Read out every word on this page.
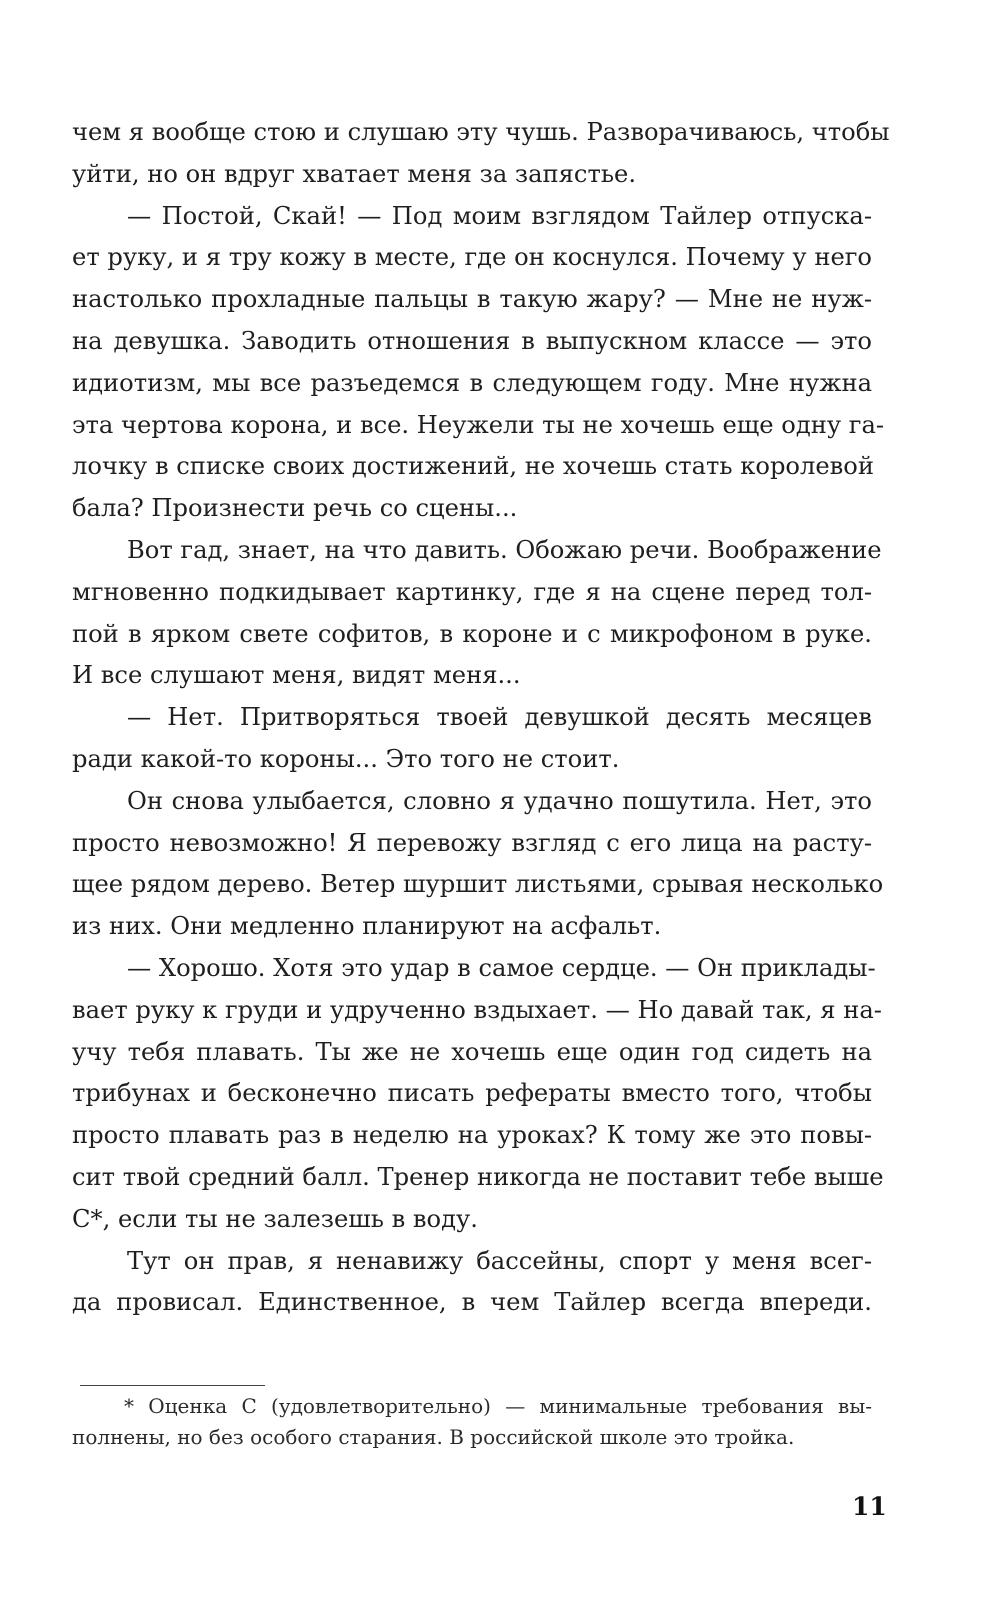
чем я вообще стою и слушаю эту чушь. Разворачиваюсь, чтобы
уйти, но он вдруг хватает меня за запястье.
— Постой, Скай! — Под моим взглядом Тайлер отпуска-
ет руку, и я тру кожу в месте, где он коснулся. Почему у него
настолько прохладные пальцы в такую жару? — Мне не нуж-
на девушка. Заводить отношения в выпускном классе — это
идиотизм, мы все разъедемся в следующем году. Мне нужна
эта чертова корона, и все. Неужели ты не хочешь еще одну га-
лочку в списке своих достижений, не хочешь стать королевой
бала? Произнести речь со сцены...
Вот гад, знает, на что давить. Обожаю речи. Воображение
мгновенно подкидывает картинку, где я на сцене перед тол-
пой в ярком свете софитов, в короне и с микрофоном в руке.
И все слушают меня, видят меня...
— Нет. Притворяться твоей девушкой десять месяцев
ради какой-то короны... Это того не стоит.
Он снова улыбается, словно я удачно пошутила. Нет, это
просто невозможно! Я перевожу взгляд с его лица на расту-
щее рядом дерево. Ветер шуршит листьями, срывая несколько
из них. Они медленно планируют на асфальт.
— Хорошо. Хотя это удар в самое сердце. — Он приклады-
вает руку к груди и удрученно вздыхает. — Но давай так, я на-
учу тебя плавать. Ты же не хочешь еще один год сидеть на
трибунах и бесконечно писать рефераты вместо того, чтобы
просто плавать раз в неделю на уроках? К тому же это повы-
сит твой средний балл. Тренер никогда не поставит тебе выше
C*, если ты не залезешь в воду.
Тут он прав, я ненавижу бассейны, спорт у меня всег-
да провисал. Единственное, в чем Тайлер всегда впереди.
* Оценка С (удовлетворительно) — минимальные требования вы-
полнены, но без особого старания. В российской школе это тройка.
11
